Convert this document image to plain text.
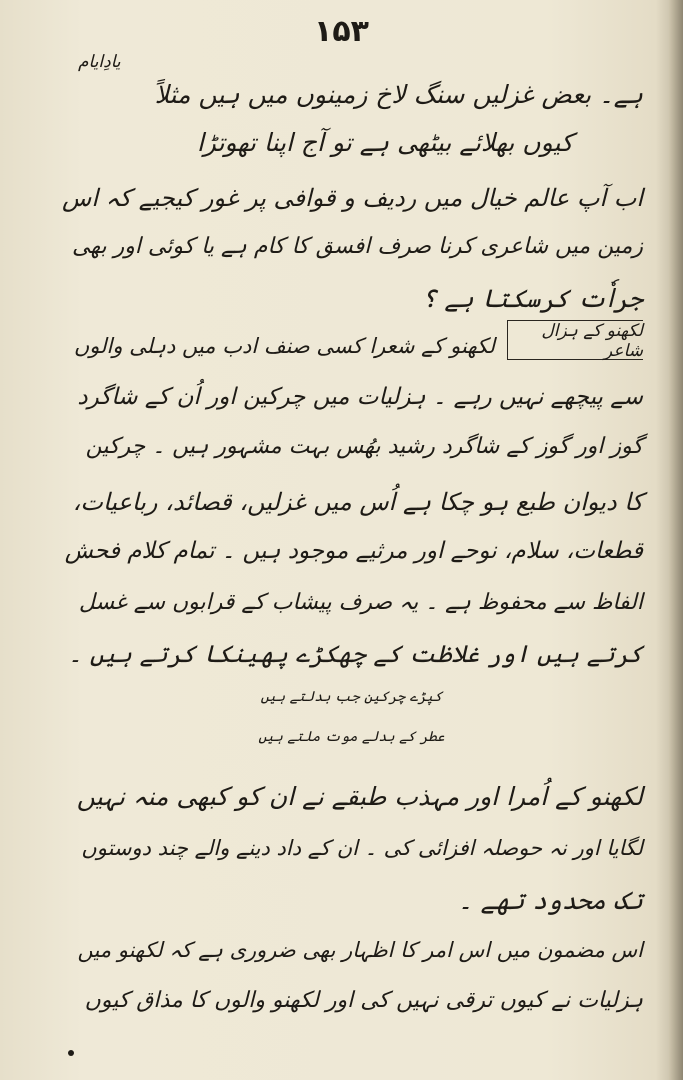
۱۵۳
یادِایام
ہے۔ بعض غزلیں سنگ لاخ زمینوں میں ہیں مثلاً
کیوں بھلائے بیٹھی ہے تو آج اپنا تھوتڑا
اب آپ عالم خیال میں ردیف و قوافی پر غور کیجیے کہ اس
زمین میں شاعری کرنا صرف افسق کا کام ہے یا کوئی اور بھی
جراٗت کرسکتا ہے ؟
لکھنو کے ہزال شاعر
لکھنو کے شعرا کسی صنف ادب میں دہلی والوں
سے پیچھے نہیں رہے ۔ ہزلیات میں چرکین اور اُن کے شاگرد
گوز اور گوز کے شاگرد رشید بھُس بہت مشہور ہیں ۔ چرکین
کا دیوان طبع ہو چکا ہے اُس میں غزلیں، قصائد، رباعیات،
قطعات، سلام، نوحے اور مرثیے موجود ہیں ۔ تمام کلام فحش
الفاظ سے محفوظ ہے ۔ یہ صرف پیشاب کے قرابوں سے غسل
کرتے ہیں اور غلاظت کے چھکڑے پھینکا کرتے ہیں ۔
کپڑے چرکین جب بدلتے ہیں
عطر کے بدلے موت ملتے ہیں
لکھنو کے اُمرا اور مہذب طبقے نے ان کو کبھی منہ نہیں
لگایا اور نہ حوصلہ افزائی کی ۔ ان کے داد دینے والے چند دوستوں
تک محدود تھے ۔
اس مضمون میں اس امر کا اظہار بھی ضروری ہے کہ لکھنو میں
ہزلیات نے کیوں ترقی نہیں کی اور لکھنو والوں کا مذاق کیوں
